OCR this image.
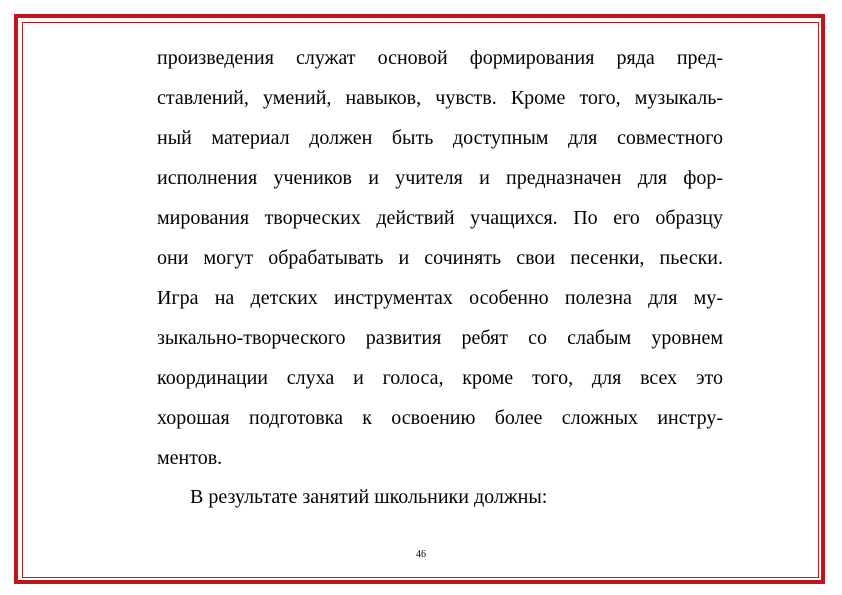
произведения служат основой формирования ряда пред-
ставлений, умений, навыков, чувств. Кроме того, музыкаль-
ный материал должен быть доступным для совместного
исполнения учеников и учителя и предназначен для фор-
мирования творческих действий учащихся. По его образцу
они могут обрабатывать и сочинять свои песенки, пьески.
Игра на детских инструментах особенно полезна для му-
зыкально-творческого развития ребят со слабым уровнем
координации слуха и голоса, кроме того, для всех это
хорошая подготовка к освоению более сложных инстру-
ментов.
В результате занятий школьники должны:
46
